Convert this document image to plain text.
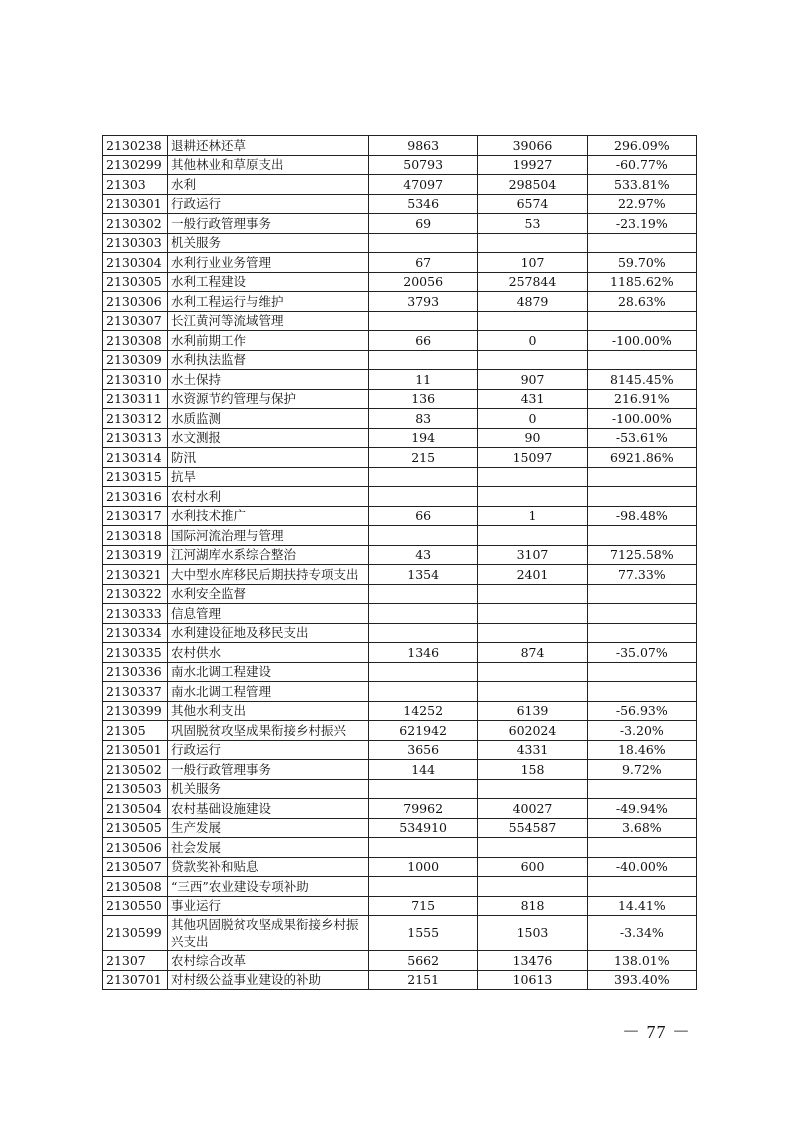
2130238	退耕还林还草	9863	39066	296.09%
2130299	其他林业和草原支出	50793	19927	-60.77%
21303	水利	47097	298504	533.81%
2130301	行政运行	5346	6574	22.97%
2130302	一般行政管理事务	69	53	-23.19%
2130303	机关服务			
2130304	水利行业业务管理	67	107	59.70%
2130305	水利工程建设	20056	257844	1185.62%
2130306	水利工程运行与维护	3793	4879	28.63%
2130307	长江黄河等流域管理			
2130308	水利前期工作	66	0	-100.00%
2130309	水利执法监督			
2130310	水土保持	11	907	8145.45%
2130311	水资源节约管理与保护	136	431	216.91%
2130312	水质监测	83	0	-100.00%
2130313	水文测报	194	90	-53.61%
2130314	防汛	215	15097	6921.86%
2130315	抗旱			
2130316	农村水利			
2130317	水利技术推广	66	1	-98.48%
2130318	国际河流治理与管理			
2130319	江河湖库水系综合整治	43	3107	7125.58%
2130321	大中型水库移民后期扶持专项支出	1354	2401	77.33%
2130322	水利安全监督			
2130333	信息管理			
2130334	水利建设征地及移民支出			
2130335	农村供水	1346	874	-35.07%
2130336	南水北调工程建设			
2130337	南水北调工程管理			
2130399	其他水利支出	14252	6139	-56.93%
21305	巩固脱贫攻坚成果衔接乡村振兴	621942	602024	-3.20%
2130501	行政运行	3656	4331	18.46%
2130502	一般行政管理事务	144	158	9.72%
2130503	机关服务			
2130504	农村基础设施建设	79962	40027	-49.94%
2130505	生产发展	534910	554587	3.68%
2130506	社会发展			
2130507	贷款奖补和贴息	1000	600	-40.00%
2130508	“三西”农业建设专项补助			
2130550	事业运行	715	818	14.41%
2130599	其他巩固脱贫攻坚成果衔接乡村振兴支出	1555	1503	-3.34%
21307	农村综合改革	5662	13476	138.01%
2130701	对村级公益事业建设的补助	2151	10613	393.40%
－ 77 －
